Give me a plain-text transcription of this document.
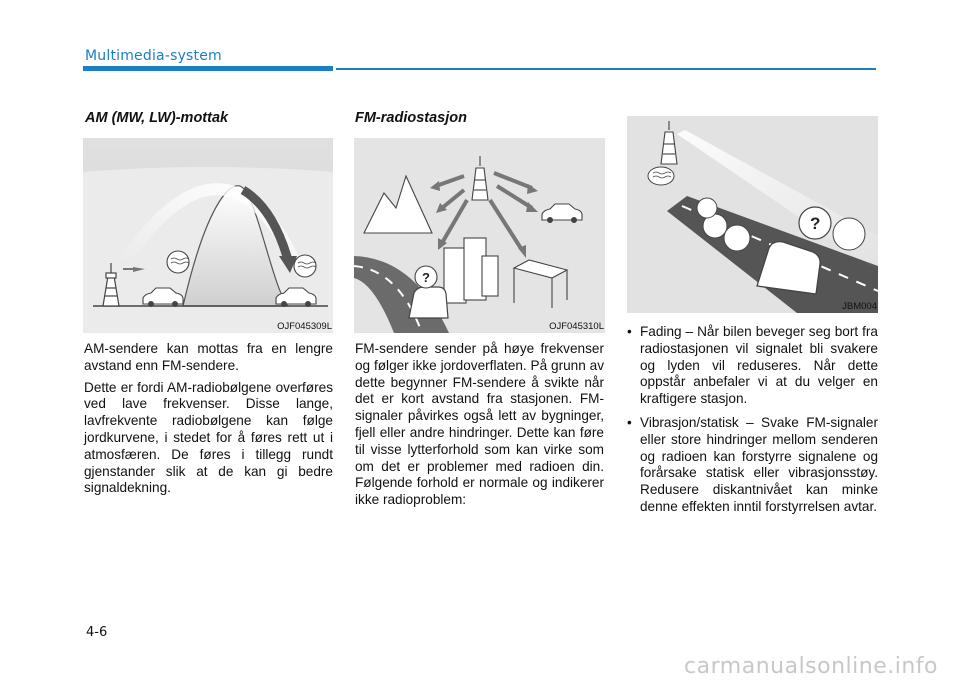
Multimedia-system
AM (MW, LW)-mottak
OJF045309L

AM-sendere kan mottas fra en lengre avstand enn FM-sendere.

Dette er fordi AM-radiobølgene overføres ved lave frekvenser. Disse lange, lavfrekvente radiobølgene kan følge jordkurvene, i stedet for å føres rett ut i atmosfæren. De føres i tillegg rundt gjenstander slik at de kan gi bedre signaldekning.

FM-radiostasjon
?
OJF045310L

FM-sendere sender på høye frekvenser og følger ikke jordoverflaten. På grunn av dette begynner FM-sendere å svikte når det er kort avstand fra stasjonen. FM-signaler påvirkes også lett av bygninger, fjell eller andre hindringer. Dette kan føre til visse lytterforhold som kan virke som om det er problemer med radioen din. Følgende forhold er normale og indikerer ikke radioproblem:

?
JBM004
• Fading – Når bilen beveger seg bort fra radiostasjonen vil signalet bli svakere og lyden vil reduseres. Når dette oppstår anbefaler vi at du velger en kraftigere stasjon.
• Vibrasjon/statisk – Svake FM-signaler eller store hindringer mellom senderen og radioen kan forstyrre signalene og forårsake statisk eller vibrasjonsstøy. Redusere diskantnivået kan minke denne effekten inntil forstyrrelsen avtar.
4-6
carmanualsonline.info
